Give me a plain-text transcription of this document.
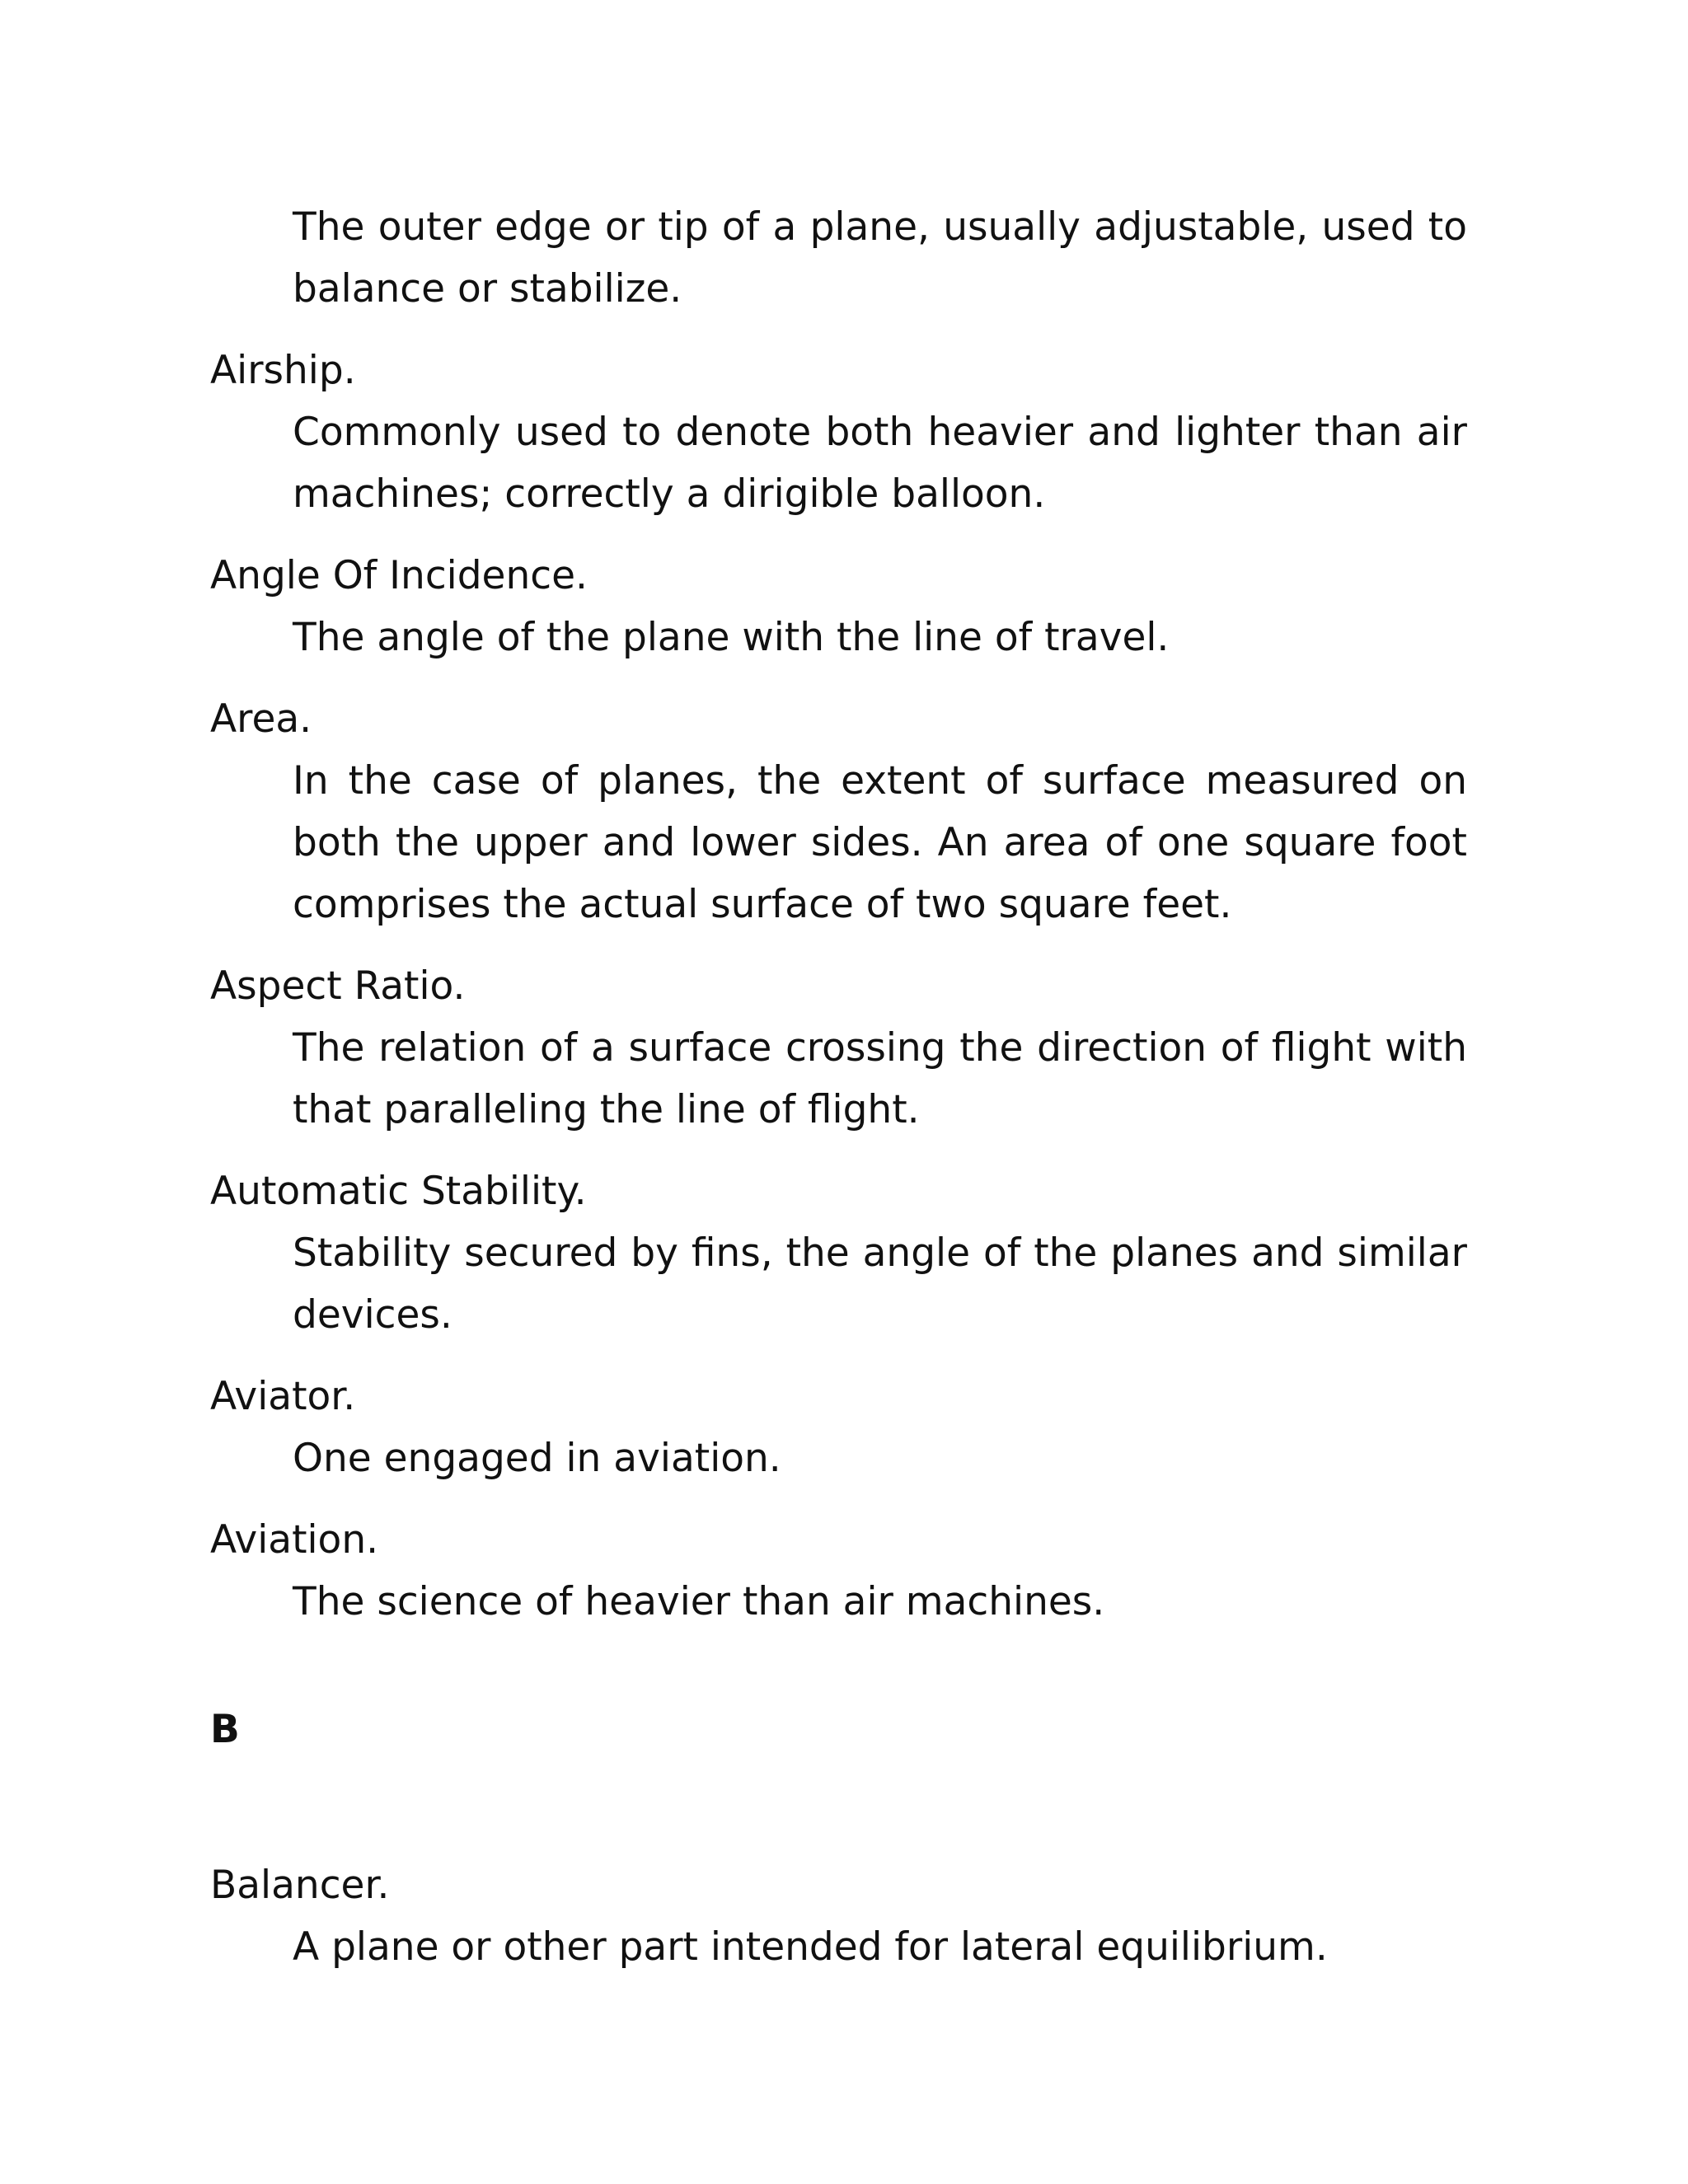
The outer edge or tip of a plane, usually adjustable, used to balance or stabilize.

Airship.

Commonly used to denote both heavier and lighter than air machines; correctly a dirigible balloon.

Angle Of Incidence.

The angle of the plane with the line of travel.

Area.

In the case of planes, the extent of surface measured on both the upper and lower sides. An area of one square foot comprises the actual surface of two square feet.

Aspect Ratio.

The relation of a surface crossing the direction of flight with that paralleling the line of flight.

Automatic Stability.

Stability secured by fins, the angle of the planes and similar devices.

Aviator.

One engaged in aviation.

Aviation.

The science of heavier than air machines.

B

Balancer.

A plane or other part intended for lateral equilibrium.
